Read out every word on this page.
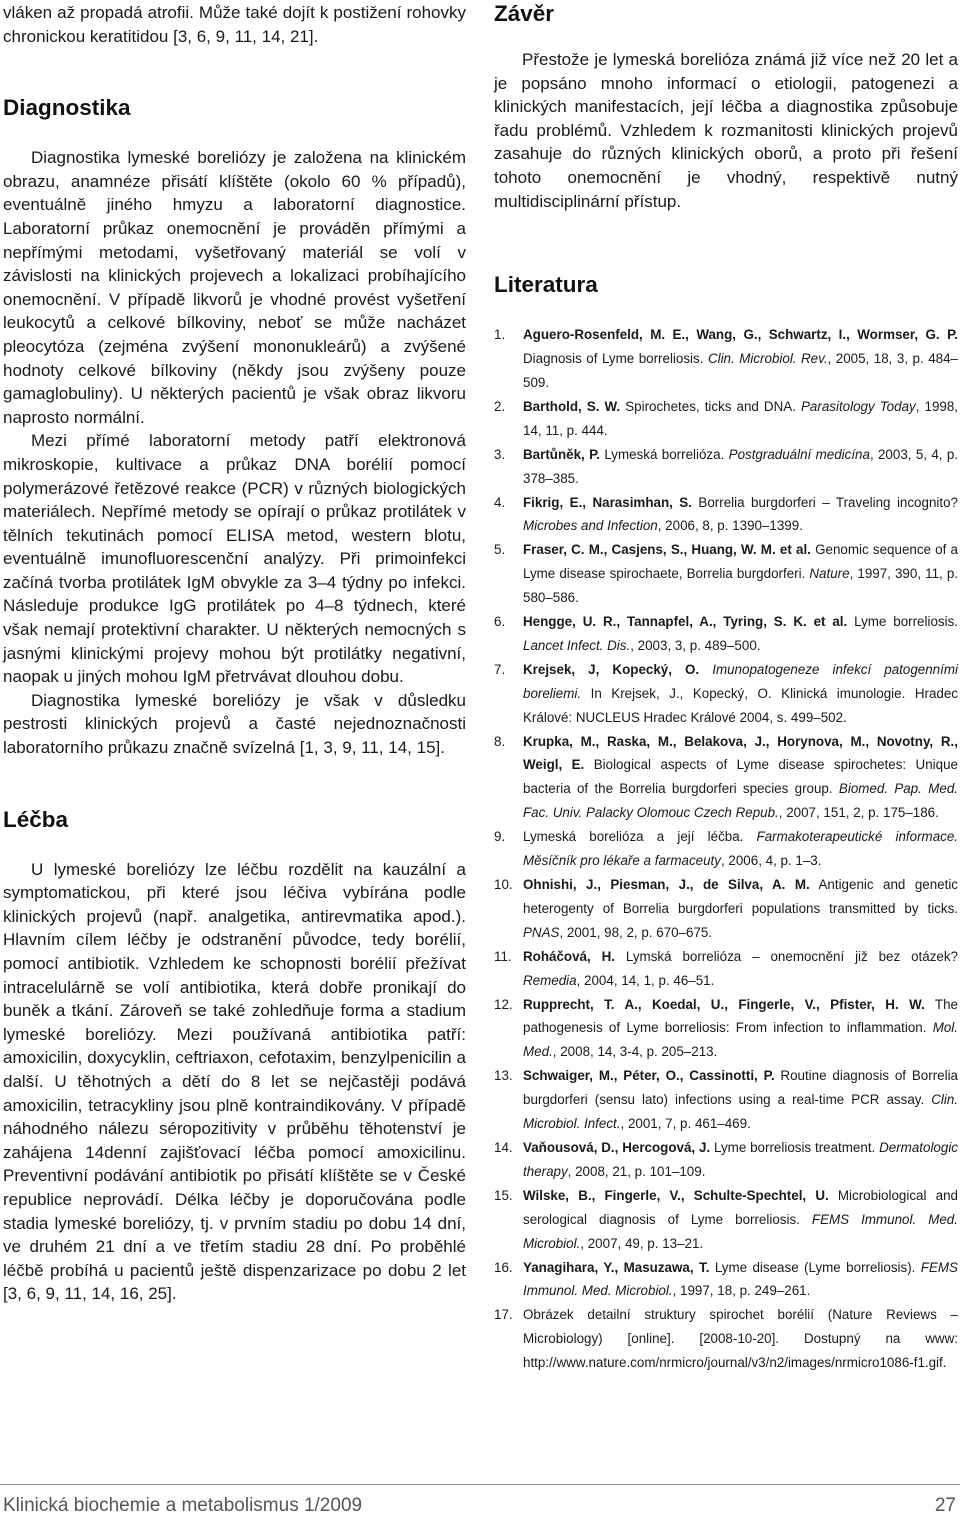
vláken až propadá atrofii. Může také dojít k postižení rohovky chronickou keratitidou [3, 6, 9, 11, 14, 21].

Diagnostika

Diagnostika lymeské boreliózy je založena na klinickém obrazu, anamnéze přisátí klíštěte (okolo 60 % případů), eventuálně jiného hmyzu a laboratorní diagnostice. Laboratorní průkaz onemocnění je prováděn přímými a nepřímými metodami, vyšetřovaný materiál se volí v závislosti na klinických projevech a lokalizaci probíhajícího onemocnění. V případě likvorů je vhodné provést vyšetření leukocytů a celkové bílkoviny, neboť se může nacházet pleocytóza (zejména zvýšení mononukleárů) a zvýšené hodnoty celkové bílkoviny (někdy jsou zvýšeny pouze gamaglobuliny). U některých pacientů je však obraz likvoru naprosto normální.

Mezi přímé laboratorní metody patří elektronová mikroskopie, kultivace a průkaz DNA borélií pomocí polymerázové řetězové reakce (PCR) v různých biologických materiálech. Nepřímé metody se opírají o průkaz protilátek v tělních tekutinách pomocí ELISA metod, western blotu, eventuálně imunofluorescenční analýzy. Při primoinfekci začíná tvorba protilátek IgM obvykle za 3–4 týdny po infekci. Následuje produkce IgG protilátek po 4–8 týdnech, které však nemají protektivní charakter. U některých nemocných s jasnými klinickými projevy mohou být protilátky negativní, naopak u jiných mohou IgM přetrvávat dlouhou dobu.

Diagnostika lymeské boreliózy je však v důsledku pestrosti klinických projevů a časté nejednoznačnosti laboratorního průkazu značně svízelná [1, 3, 9, 11, 14, 15].

Léčba

U lymeské boreliózy lze léčbu rozdělit na kauzální a symptomatickou, při které jsou léčiva vybírána podle klinických projevů (např. analgetika, antirevmatika apod.). Hlavním cílem léčby je odstranění původce, tedy borélií, pomocí antibiotik. Vzhledem ke schopnosti borélií přežívat intracelulárně se volí antibiotika, která dobře pronikají do buněk a tkání. Zároveň se také zohledňuje forma a stadium lymeské boreliózy. Mezi používaná antibiotika patří: amoxicilin, doxycyklin, ceftriaxon, cefotaxim, benzylpenicilin a další. U těhotných a dětí do 8 let se nejčastěji podává amoxicilin, tetracykliny jsou plně kontraindikovány. V případě náhodného nálezu séropozitivity v průběhu těhotenství je zahájena 14denní zajišťovací léčba pomocí amoxicilinu. Preventivní podávání antibiotik po přisátí klíštěte se v České republice neprovádí. Délka léčby je doporučována podle stadia lymeské boreliózy, tj. v prvním stadiu po dobu 14 dní, ve druhém 21 dní a ve třetím stadiu 28 dní. Po proběhlé léčbě probíhá u pacientů ještě dispenzarizace po dobu 2 let [3, 6, 9, 11, 14, 16, 25].

Závěr

Přestože je lymeská borelióza známá již více než 20 let a je popsáno mnoho informací o etiologii, patogenezi a klinických manifestacích, její léčba a diagnostika způsobuje řadu problémů. Vzhledem k rozmanitosti klinických projevů zasahuje do různých klinických oborů, a proto při řešení tohoto onemocnění je vhodný, respektivě nutný multidisciplinární přístup.

Literatura
1. Aguero-Rosenfeld, M. E., Wang, G., Schwartz, I., Wormser, G. P. Diagnosis of Lyme borreliosis. Clin. Microbiol. Rev., 2005, 18, 3, p. 484–509.
2. Barthold, S. W. Spirochetes, ticks and DNA. Parasitology Today, 1998, 14, 11, p. 444.
3. Bartůněk, P. Lymeská borrelióza. Postgraduální medicína, 2003, 5, 4, p. 378–385.
4. Fikrig, E., Narasimhan, S. Borrelia burgdorferi – Traveling incognito? Microbes and Infection, 2006, 8, p. 1390–1399.
5. Fraser, C. M., Casjens, S., Huang, W. M. et al. Genomic sequence of a Lyme disease spirochaete, Borrelia burgdorferi. Nature, 1997, 390, 11, p. 580–586.
6. Hengge, U. R., Tannapfel, A., Tyring, S. K. et al. Lyme borreliosis. Lancet Infect. Dis., 2003, 3, p. 489–500.
7. Krejsek, J, Kopecký, O. Imunopatogeneze infekcí patogenními boreliemi. In Krejsek, J., Kopecký, O. Klinická imunologie. Hradec Králové: NUCLEUS Hradec Králové 2004, s. 499–502.
8. Krupka, M., Raska, M., Belakova, J., Horynova, M., Novotny, R., Weigl, E. Biological aspects of Lyme disease spirochetes: Unique bacteria of the Borrelia burgdorferi species group. Biomed. Pap. Med. Fac. Univ. Palacky Olomouc Czech Repub., 2007, 151, 2, p. 175–186.
9. Lymeská borelióza a její léčba. Farmakoterapeutické informace. Měsíčník pro lékaře a farmaceuty, 2006, 4, p. 1–3.
10. Ohnishi, J., Piesman, J., de Silva, A. M. Antigenic and genetic heterogenty of Borrelia burgdorferi populations transmitted by ticks. PNAS, 2001, 98, 2, p. 670–675.
11. Roháčová, H. Lymská borrelióza – onemocnění již bez otázek? Remedia, 2004, 14, 1, p. 46–51.
12. Rupprecht, T. A., Koedal, U., Fingerle, V., Pfister, H. W. The pathogenesis of Lyme borreliosis: From infection to inflammation. Mol. Med., 2008, 14, 3-4, p. 205–213.
13. Schwaiger, M., Péter, O., Cassinotti, P. Routine diagnosis of Borrelia burgdorferi (sensu lato) infections using a real-time PCR assay. Clin. Microbiol. Infect., 2001, 7, p. 461–469.
14. Vaňousová, D., Hercogová, J. Lyme borreliosis treatment. Dermatologic therapy, 2008, 21, p. 101–109.
15. Wilske, B., Fingerle, V., Schulte-Spechtel, U. Microbiological and serological diagnosis of Lyme borreliosis. FEMS Immunol. Med. Microbiol., 2007, 49, p. 13–21.
16. Yanagihara, Y., Masuzawa, T. Lyme disease (Lyme borreliosis). FEMS Immunol. Med. Microbiol., 1997, 18, p. 249–261.
17. Obrázek detailní struktury spirochet borélií (Nature Reviews – Microbiology) [online]. [2008-10-20]. Dostupný na www: http://www.nature.com/nrmicro/journal/v3/n2/images/nrmicro1086-f1.gif.
Klinická biochemie a metabolismus 1/2009	27
